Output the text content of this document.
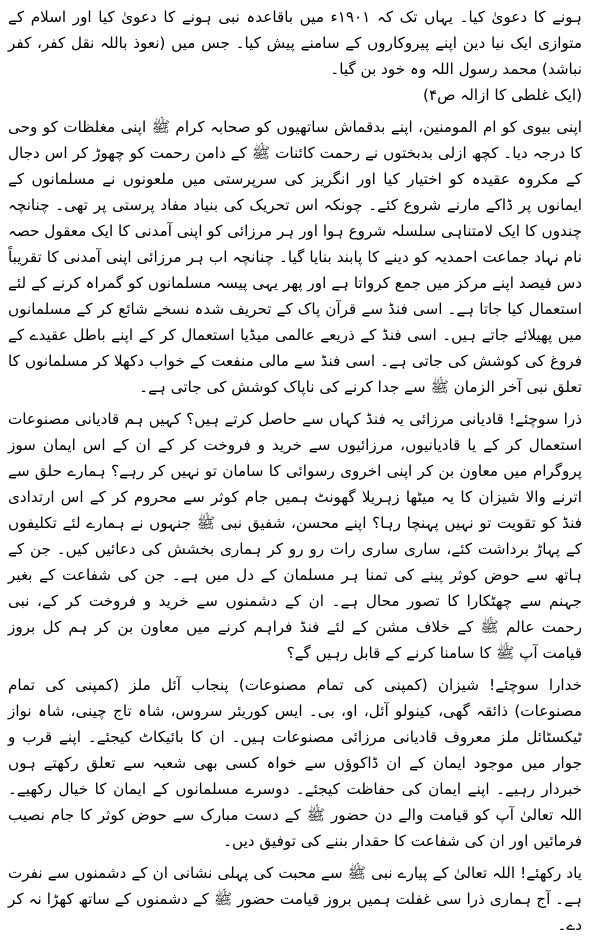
ہونے کا دعویٰ کیا۔ یہاں تک کہ ۱۹۰۱ء میں باقاعدہ نبی ہونے کا دعویٰ کیا اور اسلام کے متوازی ایک نیا دین اپنے پیروکاروں کے سامنے پیش کیا۔ جس میں (نعوذ باللہ نقل کفر، کفر نباشد) محمد رسول اللہ وہ خود بن گیا۔

(ایک غلطی کا ازالہ ص۴)

اپنی بیوی کو ام المومنین، اپنے بدقماش ساتھیوں کو صحابہ کرام ﷺ اپنی مغلظات کو وحی کا درجہ دیا۔ کچھ ازلی بدبختوں نے رحمت کائنات ﷺ کے دامن رحمت کو چھوڑ کر اس دجال کے مکروہ عقیدہ کو اختیار کیا اور انگریز کی سرپرستی میں ملعونوں نے مسلمانوں کے ایمانوں پر ڈاکے مارنے شروع کئے۔ چونکہ اس تحریک کی بنیاد مفاد پرستی پر تھی۔ چنانچہ چندوں کا ایک لامتناہی سلسلہ شروع ہوا اور ہر مرزائی کو اپنی آمدنی کا ایک معقول حصہ نام نہاد جماعت احمدیہ کو دینے کا پابند بنایا گیا۔ چنانچہ اب ہر مرزائی اپنی آمدنی کا تقریباً دس فیصد اپنے مرکز میں جمع کرواتا ہے اور پھر یہی پیسہ مسلمانوں کو گمراہ کرنے کے لئے استعمال کیا جاتا ہے۔ اسی فنڈ سے قرآن پاک کے تحریف شدہ نسخے شائع کر کے مسلمانوں میں پھیلائے جاتے ہیں۔ اسی فنڈ کے ذریعے عالمی میڈیا استعمال کر کے اپنے باطل عقیدے کے فروغ کی کوشش کی جاتی ہے۔ اسی فنڈ سے مالی منفعت کے خواب دکھلا کر مسلمانوں کا تعلق نبی آخر الزمان ﷺ سے جدا کرنے کی ناپاک کوشش کی جاتی ہے۔

ذرا سوچئے! قادیانی مرزائی یہ فنڈ کہاں سے حاصل کرتے ہیں؟ کہیں ہم قادیانی مصنوعات استعمال کر کے یا قادیانیوں، مرزائیوں سے خرید و فروخت کر کے ان کے اس ایمان سوز پروگرام میں معاون بن کر اپنی اخروی رسوائی کا سامان تو نہیں کر رہے؟ ہمارے حلق سے اترنے والا شیزان کا یہ میٹھا زہریلا گھونٹ ہمیں جام کوثر سے محروم کر کے اس ارتدادی فنڈ کو تقویت تو نہیں پہنچا رہا؟ اپنے محسن، شفیق نبی ﷺ جنہوں نے ہمارے لئے تکلیفوں کے پہاڑ برداشت کئے، ساری ساری رات رو رو کر ہماری بخشش کی دعائیں کیں۔ جن کے ہاتھ سے حوض کوثر پینے کی تمنا ہر مسلمان کے دل میں ہے۔ جن کی شفاعت کے بغیر جہنم سے چھٹکارا کا تصور محال ہے۔ ان کے دشمنوں سے خرید و فروخت کر کے، نبی رحمت عالم ﷺ کے خلاف مشن کے لئے فنڈ فراہم کرنے میں معاون بن کر ہم کل بروز قیامت آپ ﷺ کا سامنا کرنے کے قابل رہیں گے؟

خدارا سوچئے! شیزان (کمپنی کی تمام مصنوعات) پنجاب آئل ملز (کمپنی کی تمام مصنوعات) ذائقہ گھی، کینولو آئل، او، بی۔ ایس کوریئر سروس، شاہ تاج چینی، شاہ نواز ٹیکسٹائل ملز معروف قادیانی مرزائی مصنوعات ہیں۔ ان کا بائیکاٹ کیجئے۔ اپنے قرب و جوار میں موجود ایمان کے ان ڈاکوؤں سے خواہ کسی بھی شعبہ سے تعلق رکھتے ہوں خبردار رہیے۔ اپنے ایمان کی حفاظت کیجئے۔ دوسرے مسلمانوں کے ایمان کا خیال رکھیے۔ اللہ تعالیٰ آپ کو قیامت والے دن حضور ﷺ کے دست مبارک سے حوض کوثر کا جام نصیب فرمائیں اور ان کی شفاعت کا حقدار بننے کی توفیق دیں۔

یاد رکھئے! اللہ تعالیٰ کے پیارے نبی ﷺ سے محبت کی پہلی نشانی ان کے دشمنوں سے نفرت ہے۔ آج ہماری ذرا سی غفلت ہمیں بروز قیامت حضور ﷺ کے دشمنوں کے ساتھ کھڑا نہ کر دے۔
